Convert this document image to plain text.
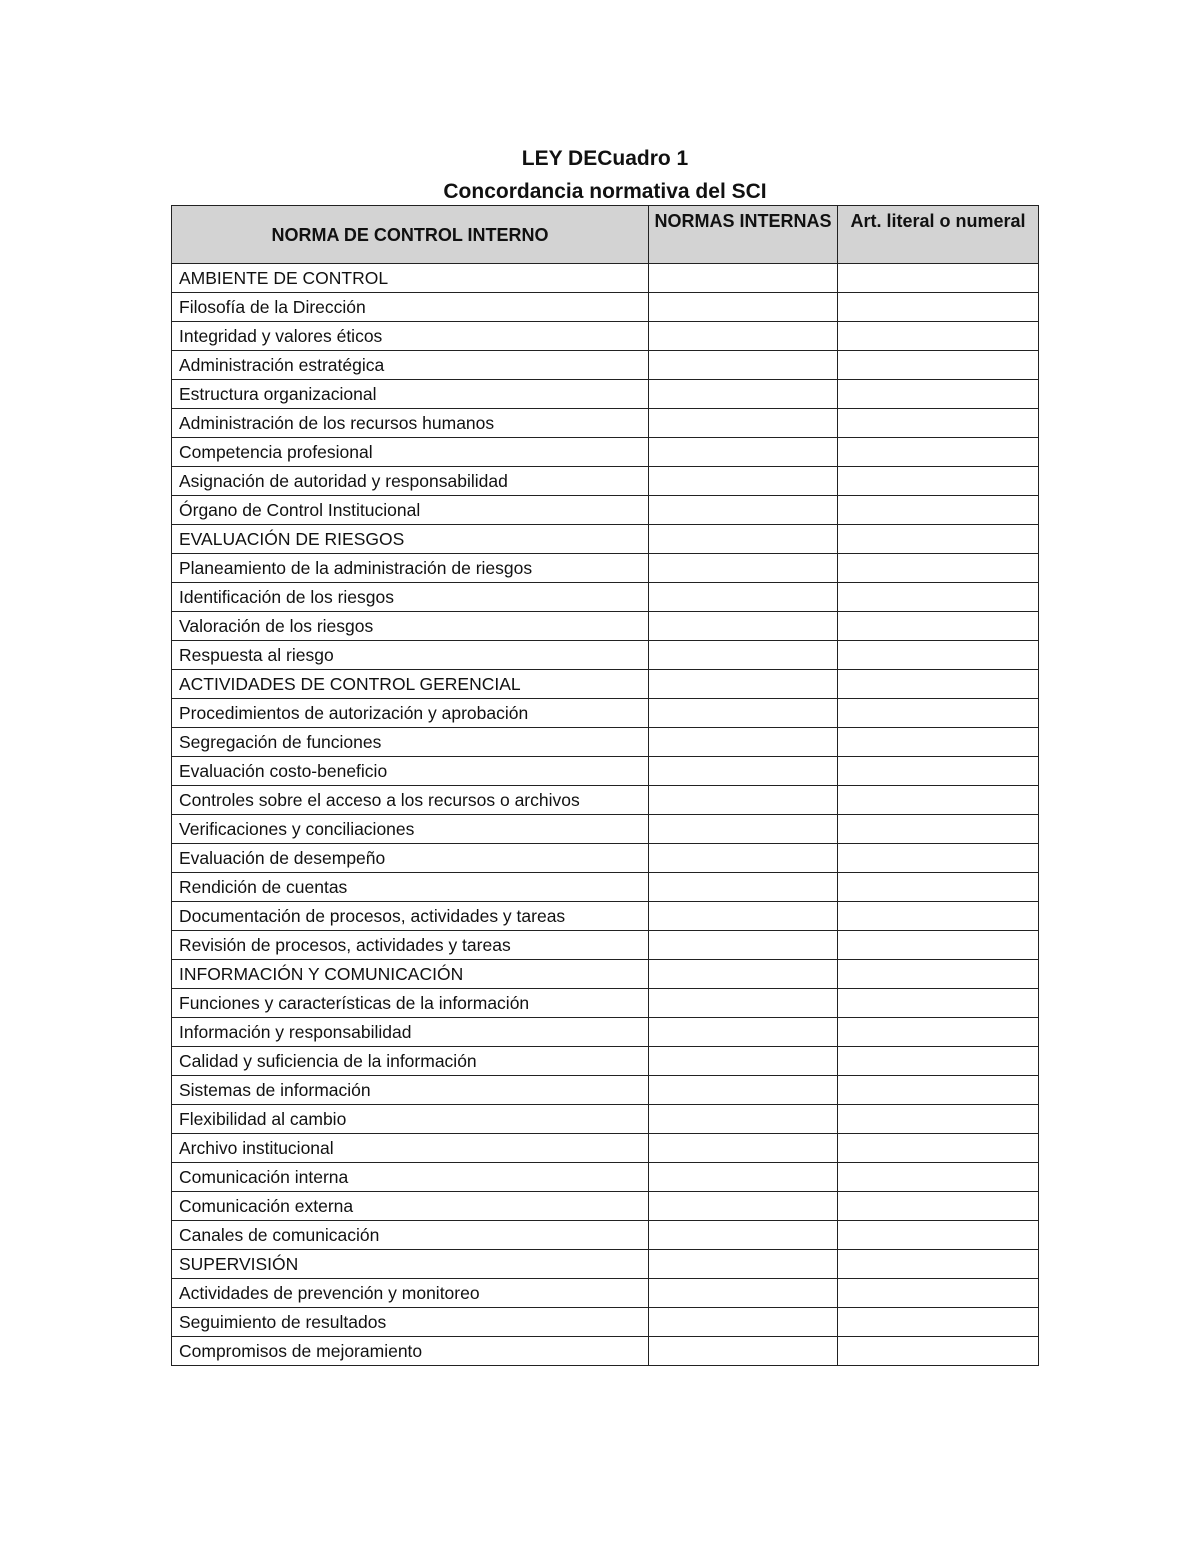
LEY DECuadro 1
Concordancia normativa del SCI
NORMA DE CONTROL INTERNO	NORMAS INTERNAS	Art. literal o numeral
AMBIENTE DE CONTROL		
Filosofía de la Dirección		
Integridad y valores éticos		
Administración estratégica		
Estructura organizacional		
Administración de los recursos humanos		
Competencia profesional		
Asignación de autoridad y responsabilidad		
Órgano de Control Institucional		
EVALUACIÓN DE RIESGOS		
Planeamiento de la administración de riesgos		
Identificación de los riesgos		
Valoración de los riesgos		
Respuesta al riesgo		
ACTIVIDADES DE CONTROL GERENCIAL		
Procedimientos de autorización y aprobación		
Segregación de funciones		
Evaluación costo-beneficio		
Controles sobre el acceso a los recursos o archivos		
Verificaciones y conciliaciones		
Evaluación de desempeño		
Rendición de cuentas		
Documentación de procesos, actividades y tareas		
Revisión de procesos, actividades y tareas		
INFORMACIÓN Y COMUNICACIÓN		
Funciones y características de la información		
Información y responsabilidad		
Calidad y suficiencia de la información		
Sistemas de información		
Flexibilidad al cambio		
Archivo institucional		
Comunicación interna		
Comunicación externa		
Canales de comunicación		
SUPERVISIÓN		
Actividades de prevención y monitoreo		
Seguimiento de resultados		
Compromisos de mejoramiento		
